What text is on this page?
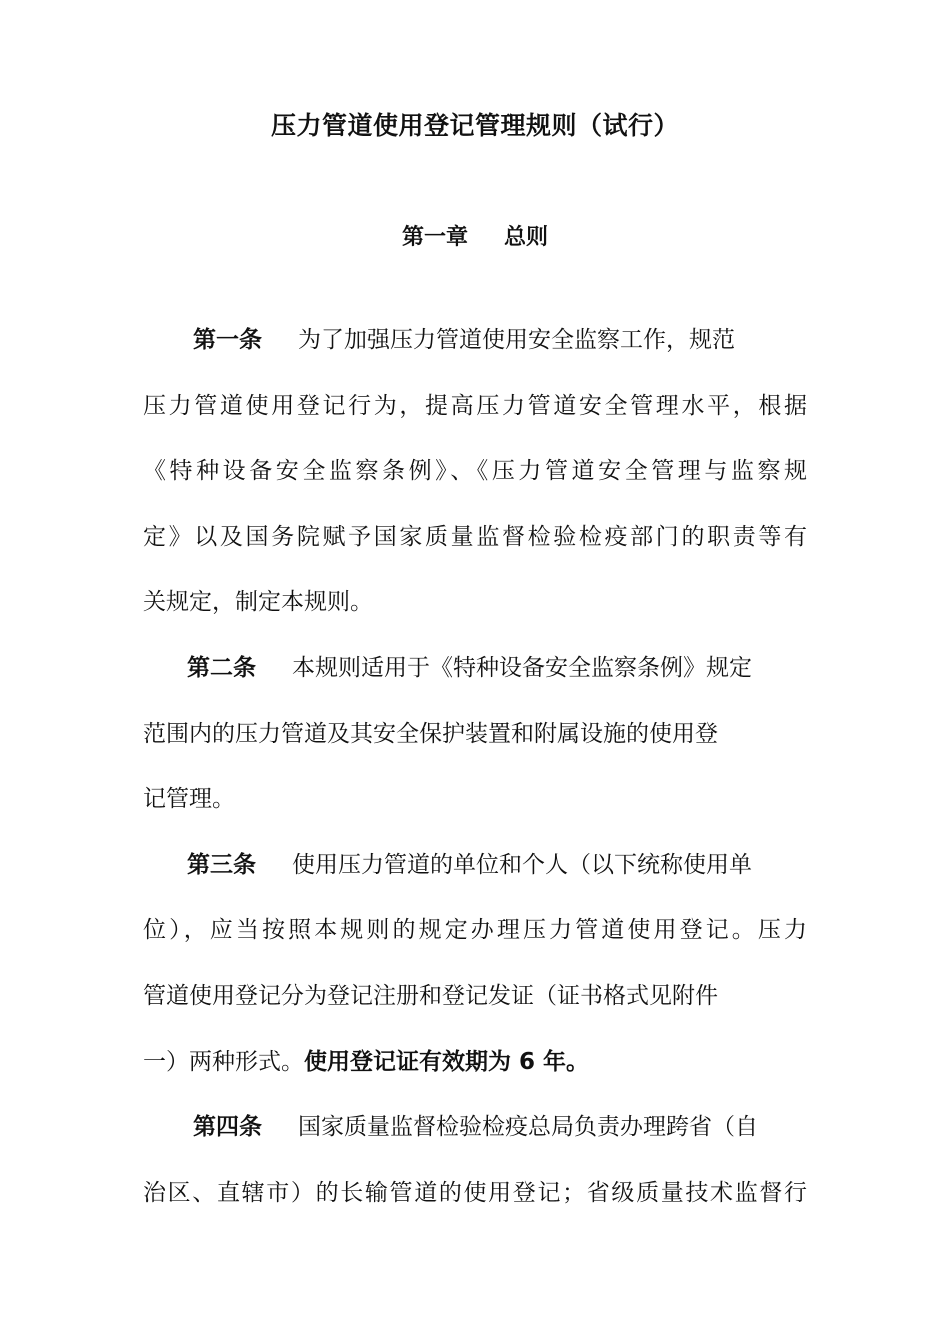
压力管道使用登记管理规则（试行）
第一章 总则
第一条 为了加强压力管道使用安全监察工作，规范
压力管道使用登记行为，提高压力管道安全管理水平，根据
《特种设备安全监察条例》、《压力管道安全管理与监察规
定》以及国务院赋予国家质量监督检验检疫部门的职责等有
关规定，制定本规则。
第二条 本规则适用于《特种设备安全监察条例》规定
范围内的压力管道及其安全保护装置和附属设施的使用登
记管理。
第三条 使用压力管道的单位和个人（以下统称使用单
位），应当按照本规则的规定办理压力管道使用登记。压力
管道使用登记分为登记注册和登记发证（证书格式见附件
一）两种形式。使用登记证有效期为 6 年。
第四条 国家质量监督检验检疫总局负责办理跨省（自
治区、直辖市）的长输管道的使用登记；省级质量技术监督行
